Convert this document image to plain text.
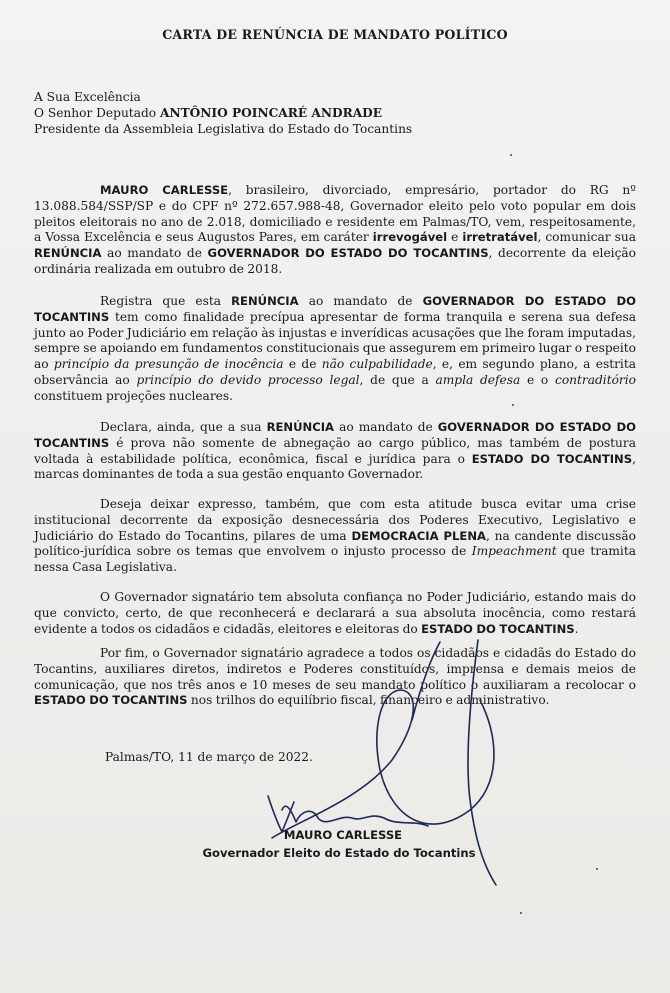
CARTA DE RENÚNCIA DE MANDATO POLÍTICO
A Sua Excelência
O Senhor Deputado ANTÔNIO POINCARÉ ANDRADE
Presidente da Assembleia Legislativa do Estado do Tocantins
MAURO CARLESSE, brasileiro, divorciado, empresário, portador do RG nº 13.088.584/SSP/SP e do CPF nº 272.657.988-48, Governador eleito pelo voto popular em dois pleitos eleitorais no ano de 2.018, domiciliado e residente em Palmas/TO, vem, respeitosamente, a Vossa Excelência e seus Augustos Pares, em caráter irrevogável e irretratável, comunicar sua RENÚNCIA ao mandato de GOVERNADOR DO ESTADO DO TOCANTINS, decorrente da eleição ordinária realizada em outubro de 2018.
Registra que esta RENÚNCIA ao mandato de GOVERNADOR DO ESTADO DO TOCANTINS tem como finalidade precípua apresentar de forma tranquila e serena sua defesa junto ao Poder Judiciário em relação às injustas e inverídicas acusações que lhe foram imputadas, sempre se apoiando em fundamentos constitucionais que assegurem em primeiro lugar o respeito ao princípio da presunção de inocência e de não culpabilidade, e, em segundo plano, a estrita observância ao princípio do devido processo legal, de que a ampla defesa e o contraditório constituem projeções nucleares.
Declara, ainda, que a sua RENÚNCIA ao mandato de GOVERNADOR DO ESTADO DO TOCANTINS é prova não somente de abnegação ao cargo público, mas também de postura voltada à estabilidade política, econômica, fiscal e jurídica para o ESTADO DO TOCANTINS, marcas dominantes de toda a sua gestão enquanto Governador.
Deseja deixar expresso, também, que com esta atitude busca evitar uma crise institucional decorrente da exposição desnecessária dos Poderes Executivo, Legislativo e Judiciário do Estado do Tocantins, pilares de uma DEMOCRACIA PLENA, na candente discussão político-jurídica sobre os temas que envolvem o injusto processo de Impeachment que tramita nessa Casa Legislativa.
O Governador signatário tem absoluta confiança no Poder Judiciário, estando mais do que convicto, certo, de que reconhecerá e declarará a sua absoluta inocência, como restará evidente a todos os cidadãos e cidadãs, eleitores e eleitoras do ESTADO DO TOCANTINS.
Por fim, o Governador signatário agradece a todos os cidadãos e cidadãs do Estado do Tocantins, auxiliares diretos, indiretos e Poderes constituídos, imprensa e demais meios de comunicação, que nos três anos e 10 meses de seu mandato político o auxiliaram a recolocar o ESTADO DO TOCANTINS nos trilhos do equilíbrio fiscal, financeiro e administrativo.
Palmas/TO, 11 de março de 2022.
MAURO CARLESSE
Governador Eleito do Estado do Tocantins
